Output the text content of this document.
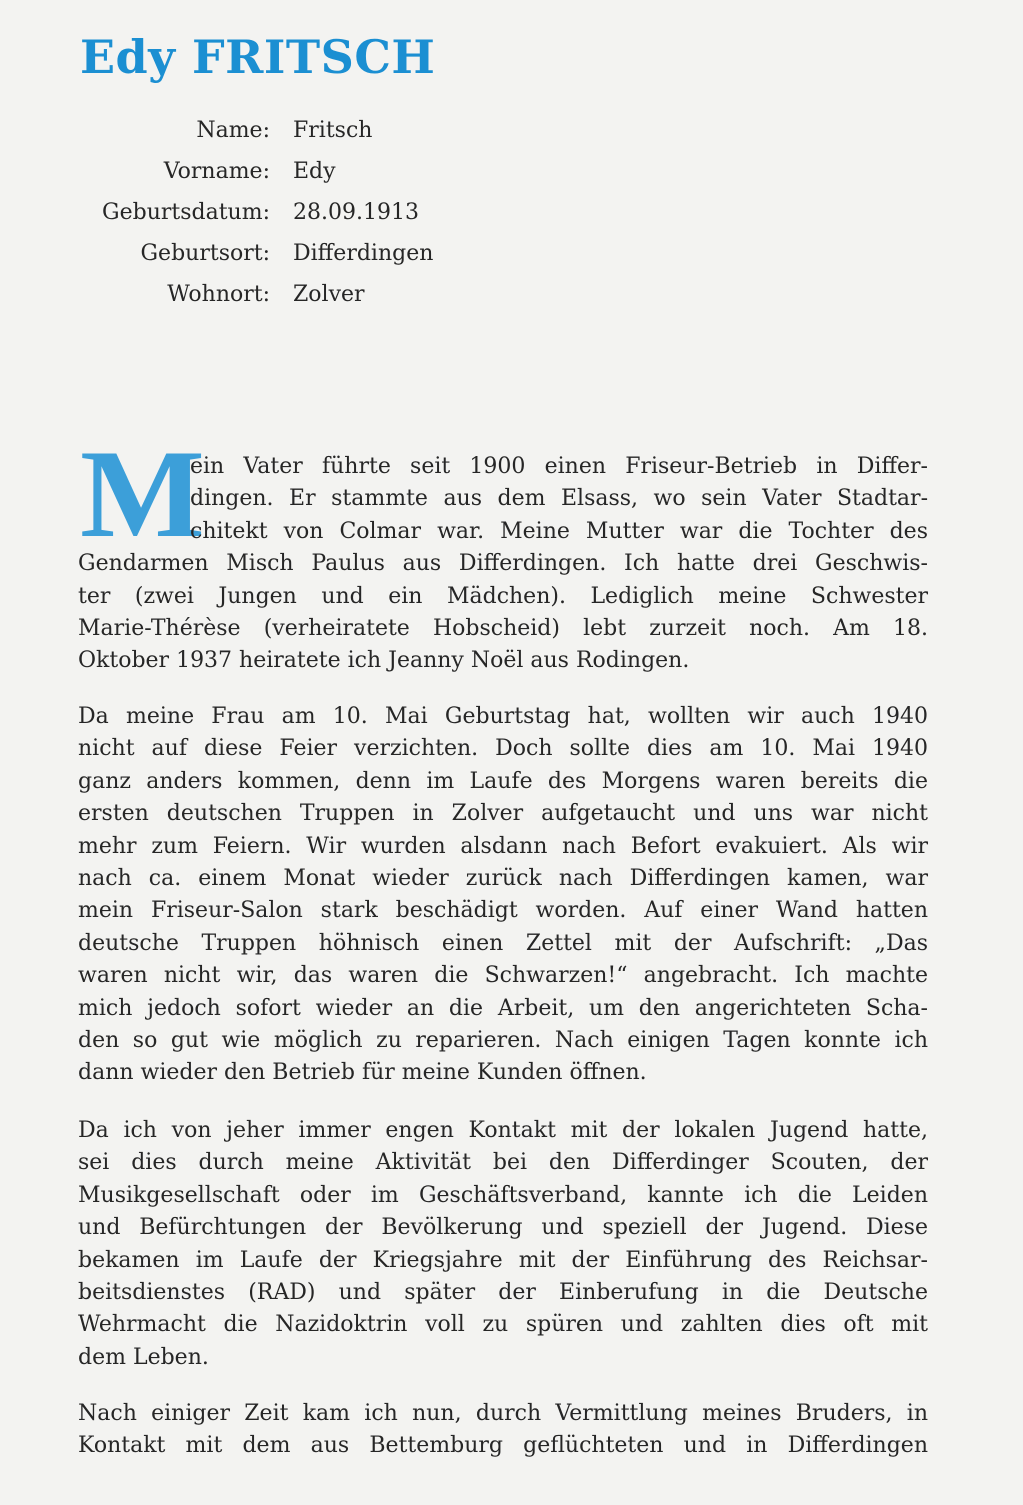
Edy FRITSCH
Name: Fritsch
Vorname: Edy
Geburtsdatum: 28.09.1913
Geburtsort: Differdingen
Wohnort: Zolver
M
ein Vater führte seit 1900 einen Friseur-Betrieb in Differ-
dingen. Er stammte aus dem Elsass, wo sein Vater Stadtar-
chitekt von Colmar war. Meine Mutter war die Tochter des
Gendarmen Misch Paulus aus Differdingen. Ich hatte drei Geschwis-
ter (zwei Jungen und ein Mädchen). Lediglich meine Schwester
Marie-Thérèse (verheiratete Hobscheid) lebt zurzeit noch. Am 18.
Oktober 1937 heiratete ich Jeanny Noël aus Rodingen.
Da meine Frau am 10. Mai Geburtstag hat, wollten wir auch 1940
nicht auf diese Feier verzichten. Doch sollte dies am 10. Mai 1940
ganz anders kommen, denn im Laufe des Morgens waren bereits die
ersten deutschen Truppen in Zolver aufgetaucht und uns war nicht
mehr zum Feiern. Wir wurden alsdann nach Befort evakuiert. Als wir
nach ca. einem Monat wieder zurück nach Differdingen kamen, war
mein Friseur-Salon stark beschädigt worden. Auf einer Wand hatten
deutsche Truppen höhnisch einen Zettel mit der Aufschrift: „Das
waren nicht wir, das waren die Schwarzen!“ angebracht. Ich machte
mich jedoch sofort wieder an die Arbeit, um den angerichteten Scha-
den so gut wie möglich zu reparieren. Nach einigen Tagen konnte ich
dann wieder den Betrieb für meine Kunden öffnen.
Da ich von jeher immer engen Kontakt mit der lokalen Jugend hatte,
sei dies durch meine Aktivität bei den Differdinger Scouten, der
Musikgesellschaft oder im Geschäftsverband, kannte ich die Leiden
und Befürchtungen der Bevölkerung und speziell der Jugend. Diese
bekamen im Laufe der Kriegsjahre mit der Einführung des Reichsar-
beitsdienstes (RAD) und später der Einberufung in die Deutsche
Wehrmacht die Nazidoktrin voll zu spüren und zahlten dies oft mit
dem Leben.
Nach einiger Zeit kam ich nun, durch Vermittlung meines Bruders, in
Kontakt mit dem aus Bettemburg geflüchteten und in Differdingen
